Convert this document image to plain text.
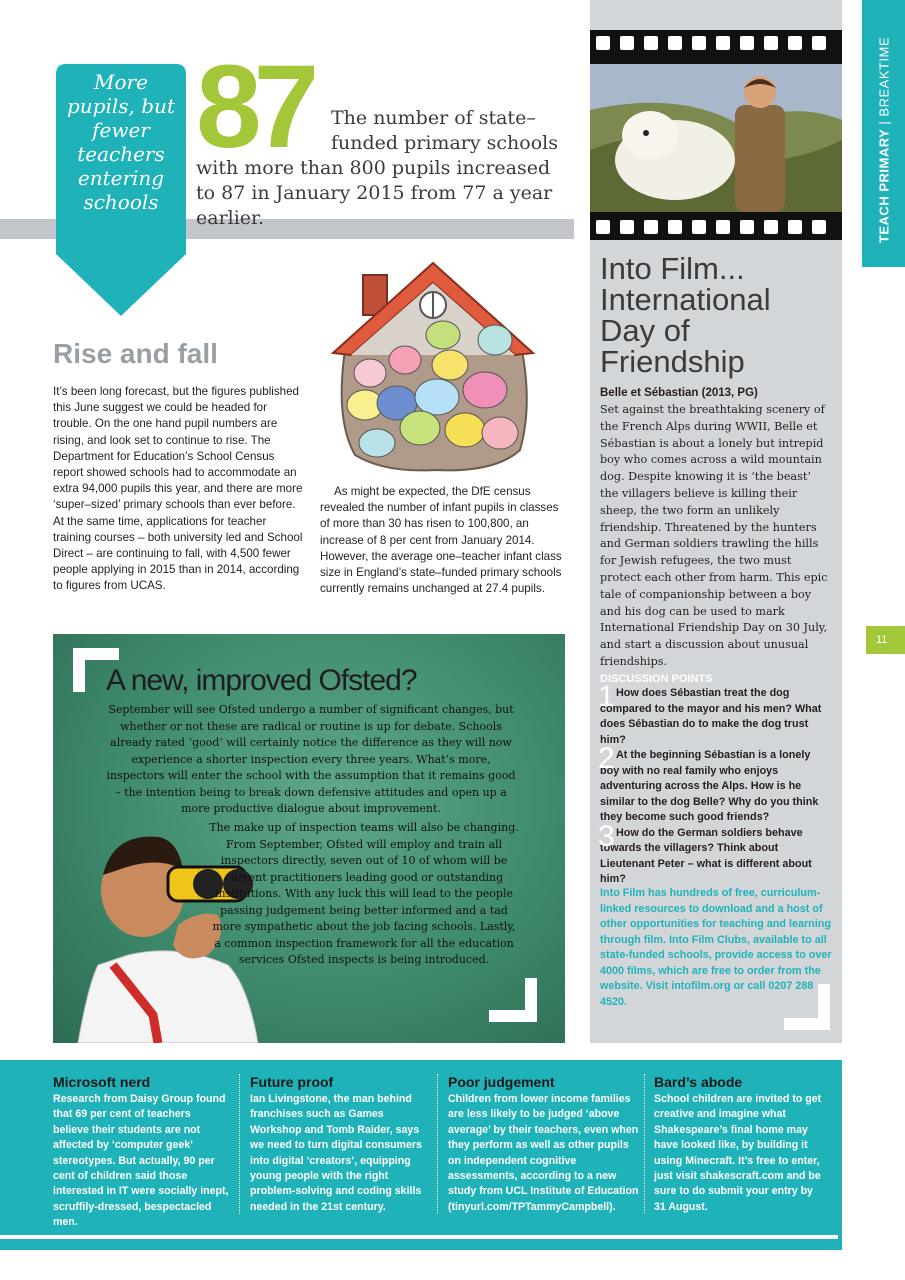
TEACH PRIMARY | BREAKTIME
11
More
pupils, but
fewer
teachers
entering
schools
87	The number of state–
funded primary schools
with more than 800 pupils increased to 87 in January 2015 from 77 a year earlier.
Rise and fall
It’s been long forecast, but the figures published this June suggest we could be headed for trouble. On the one hand pupil numbers are rising, and look set to continue to rise. The Department for Education’s School Census report showed schools had to accommodate an extra 94,000 pupils this year, and there are more ‘super–sized’ primary schools than ever before. At the same time, applications for teacher training courses – both university led and School Direct – are continuing to fall, with 4,500 fewer people applying in 2015 than in 2014, according to figures from UCAS.
As might be expected, the DfE census revealed the number of infant pupils in classes of more than 30 has risen to 100,800, an increase of 8 per cent from January 2014. However, the average one–teacher infant class size in England’s state–funded primary schools currently remains unchanged at 27.4 pupils.
A new, improved Ofsted?
September will see Ofsted undergo a number of significant changes, but whether or not these are radical or routine is up for debate. Schools already rated ‘good’ will certainly notice the difference as they will now experience a shorter inspection every three years. What’s more, inspectors will enter the school with the assumption that it remains good – the intention being to break down defensive attitudes and open up a more productive dialogue about improvement.
The make up of inspection teams will also be changing. From September, Ofsted will employ and train all inspectors directly, seven out of 10 of whom will be current practitioners leading good or outstanding institutions. With any luck this will lead to the people passing judgement being better informed and a tad more sympathetic about the job facing schools. Lastly, a common inspection framework for all the education services Ofsted inspects is being introduced.
Into Film... International Day of Friendship
Belle et Sébastian (2013, PG)
Set against the breathtaking scenery of the French Alps during WWII, Belle et Sébastian is about a lonely but intrepid boy who comes across a wild mountain dog. Despite knowing it is ‘the beast’ the villagers believe is killing their sheep, the two form an unlikely friendship. Threatened by the hunters and German soldiers trawling the hills for Jewish refugees, the two must protect each other from harm. This epic tale of companionship between a boy and his dog can be used to mark International Friendship Day on 30 July, and start a discussion about unusual friendships.
DISCUSSION POINTS
1 How does Sébastian treat the dog compared to the mayor and his men? What does Sébastian do to make the dog trust him?
2 At the beginning Sébastian is a lonely boy with no real family who enjoys adventuring across the Alps. How is he similar to the dog Belle? Why do you think they become such good friends?
3 How do the German soldiers behave towards the villagers? Think about Lieutenant Peter – what is different about him?
Into Film has hundreds of free, curriculum-linked resources to download and a host of other opportunities for teaching and learning through film. Into Film Clubs, available to all state-funded schools, provide access to over 4000 films, which are free to order from the website. Visit intofilm.org or call 0207 288 4520.
Microsoft nerd

Research from Daisy Group found that 69 per cent of teachers believe their students are not affected by ‘computer geek’ stereotypes. But actually, 90 per cent of children said those interested in IT were socially inept, scruffily-dressed, bespectacled men.

Future proof

Ian Livingstone, the man behind franchises such as Games Workshop and Tomb Raider, says we need to turn digital consumers into digital ‘creators’, equipping young people with the right problem-solving and coding skills needed in the 21st century.

Poor judgement

Children from lower income families are less likely to be judged ‘above average’ by their teachers, even when they perform as well as other pupils on independent cognitive assessments, according to a new study from UCL Institute of Education (tinyurl.com/TPTammyCampbell).

Bard’s abode

School children are invited to get creative and imagine what Shakespeare’s final home may have looked like, by building it using Minecraft. It’s free to enter, just visit shakescraft.com and be sure to do submit your entry by 31 August.
